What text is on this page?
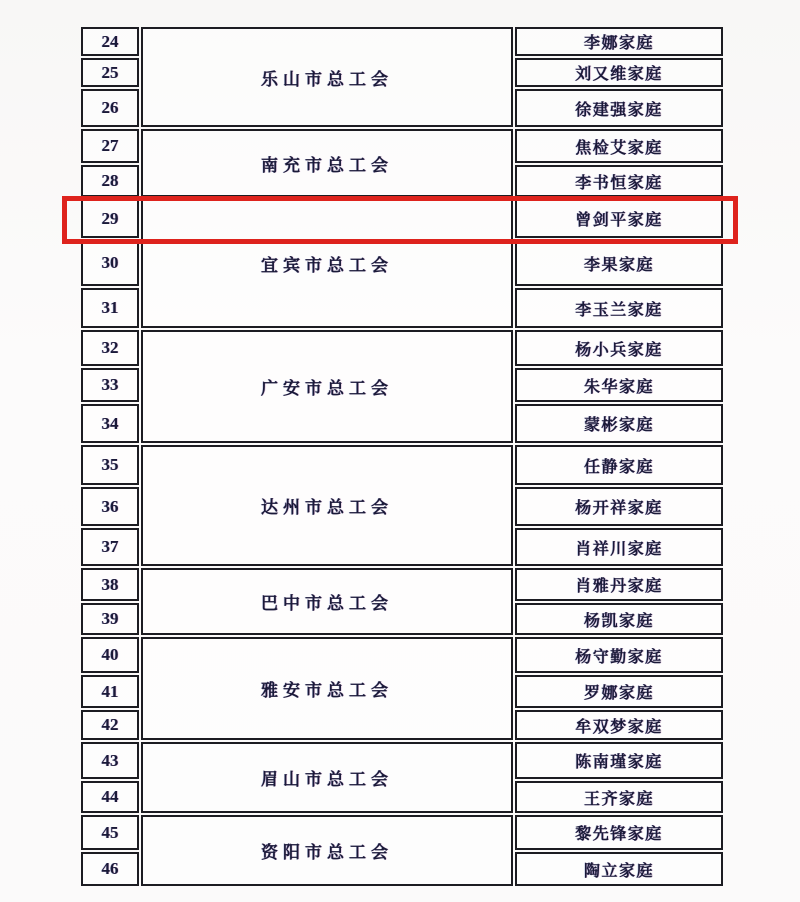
24	乐山市总工会	李娜家庭
25		刘又维家庭
26		徐建强家庭
27	南充市总工会	焦检艾家庭
28		李书恒家庭
29	宜宾市总工会	曾剑平家庭
30		李果家庭
31		李玉兰家庭
32	广安市总工会	杨小兵家庭
33		朱华家庭
34		蒙彬家庭
35	达州市总工会	任静家庭
36		杨开祥家庭
37		肖祥川家庭
38	巴中市总工会	肖雅丹家庭
39		杨凯家庭
40	雅安市总工会	杨守勤家庭
41		罗娜家庭
42		牟双梦家庭
43	眉山市总工会	陈南瑾家庭
44		王齐家庭
45	资阳市总工会	黎先锋家庭
46		陶立家庭
